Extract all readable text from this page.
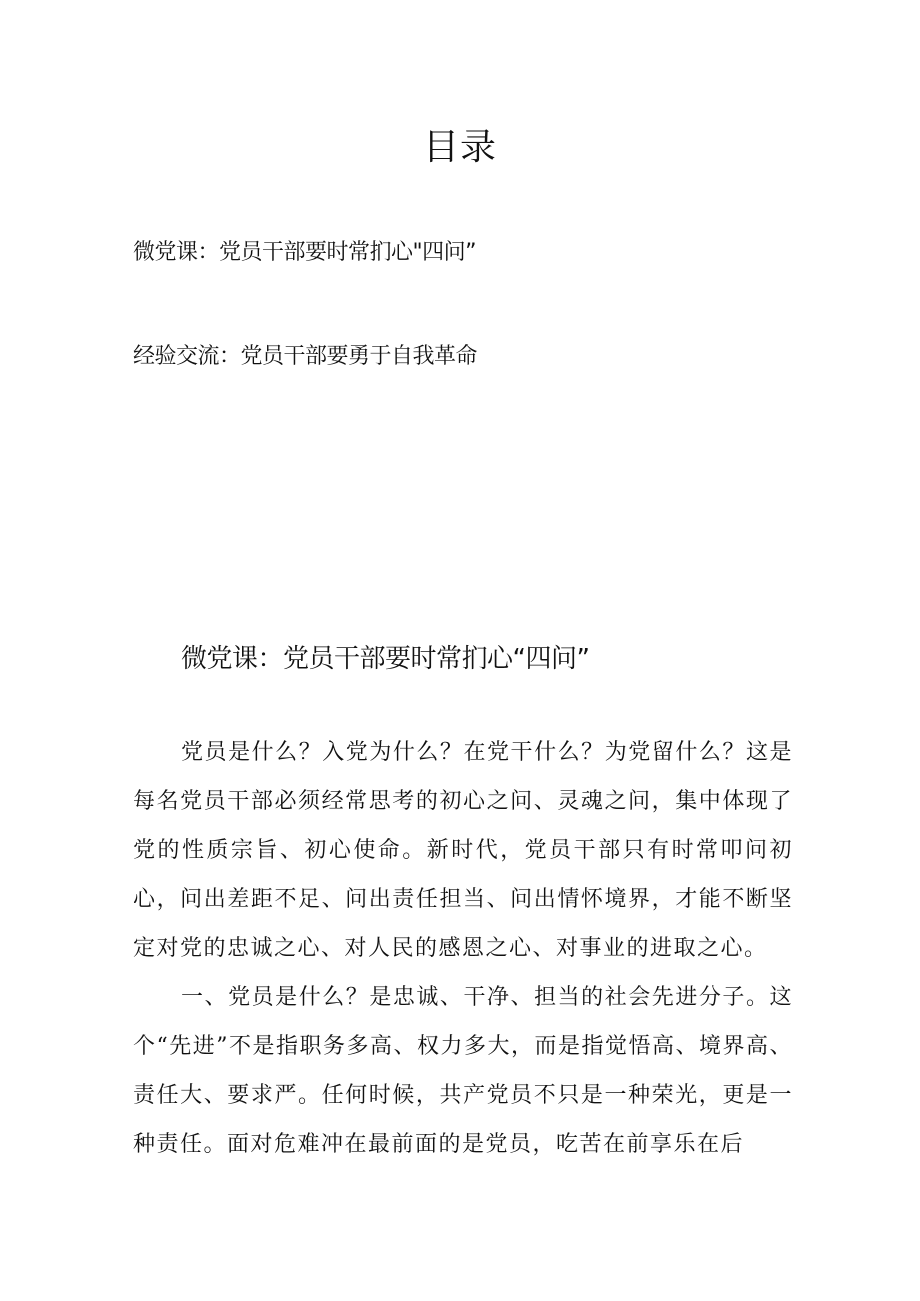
目录
微党课：党员干部要时常扪心"四问”
经验交流：党员干部要勇于自我革命
微党课：党员干部要时常扪心“四问”

党员是什么？入党为什么？在党干什么？为党留什么？这是每名党员干部必须经常思考的初心之问、灵魂之问，集中体现了党的性质宗旨、初心使命。新时代，党员干部只有时常叩问初心，问出差距不足、问出责任担当、问出情怀境界，才能不断坚定对党的忠诚之心、对人民的感恩之心、对事业的进取之心。

一、党员是什么？是忠诚、干净、担当的社会先进分子。这个“先进”不是指职务多高、权力多大，而是指觉悟高、境界高、责任大、要求严。任何时候，共产党员不只是一种荣光，更是一种责任。面对危难冲在最前面的是党员，吃苦在前享乐在后
